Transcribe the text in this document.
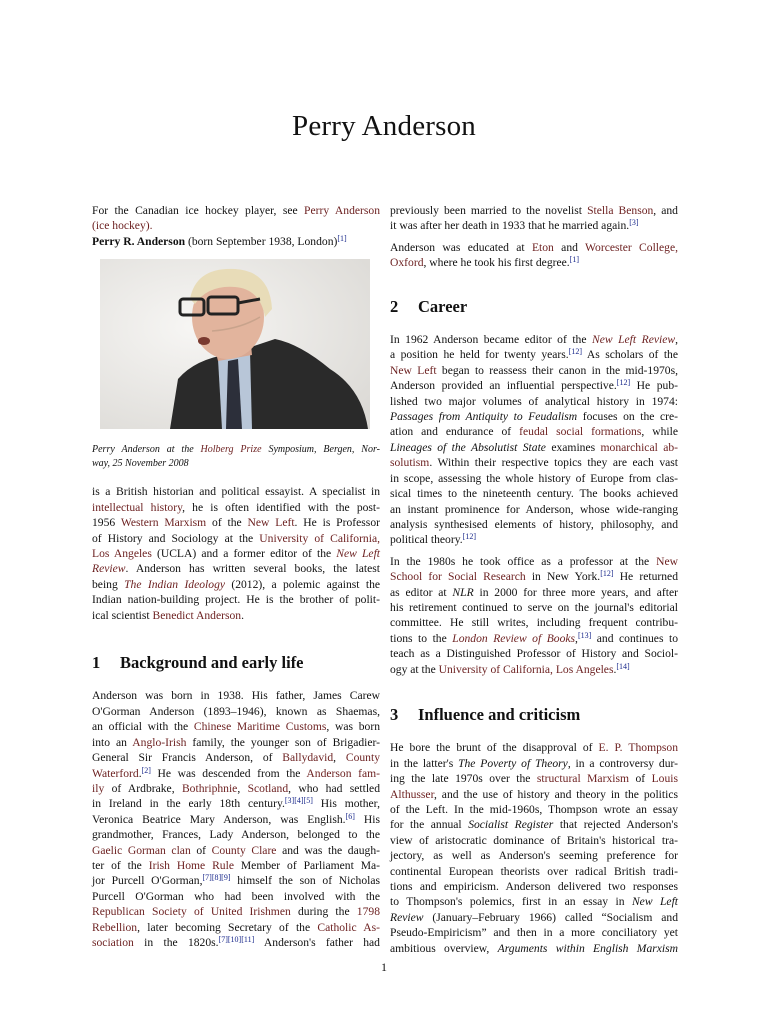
Perry Anderson

For the Canadian ice hockey player, see Perry Anderson
(ice hockey).

Perry R. Anderson (born September 1938, London)[1]

Perry Anderson at the Holberg Prize Symposium, Bergen, Nor-
way, 25 November 2008

is a British historian and political essayist. A specialist in
intellectual history, he is often identified with the post-
1956 Western Marxism of the New Left. He is Professor
of History and Sociology at the University of California,
Los Angeles (UCLA) and a former editor of the New Left
Review. Anderson has written several books, the latest
being The Indian Ideology (2012), a polemic against the
Indian nation-building project. He is the brother of polit-
ical scientist Benedict Anderson.

1	Background and early life

Anderson was born in 1938. His father, James Carew
O'Gorman Anderson (1893–1946), known as Shaemas,
an official with the Chinese Maritime Customs, was born
into an Anglo-Irish family, the younger son of Brigadier-
General Sir Francis Anderson, of Ballydavid, County
Waterford.[2] He was descended from the Anderson fam-
ily of Ardbrake, Bothriphnie, Scotland, who had settled
in Ireland in the early 18th century.[3][4][5] His mother,
Veronica Beatrice Mary Anderson, was English.[6] His
grandmother, Frances, Lady Anderson, belonged to the
Gaelic Gorman clan of County Clare and was the daugh-
ter of the Irish Home Rule Member of Parliament Ma-
jor Purcell O'Gorman,[7][8][9] himself the son of Nicholas
Purcell O'Gorman who had been involved with the
Republican Society of United Irishmen during the 1798
Rebellion, later becoming Secretary of the Catholic As-
sociation in the 1820s.[7][10][11] Anderson's father had

previously been married to the novelist Stella Benson, and
it was after her death in 1933 that he married again.[3]

Anderson was educated at Eton and Worcester College,
Oxford, where he took his first degree.[1]

2	Career

In 1962 Anderson became editor of the New Left Review,
a position he held for twenty years.[12] As scholars of the
New Left began to reassess their canon in the mid-1970s,
Anderson provided an influential perspective.[12] He pub-
lished two major volumes of analytical history in 1974:
Passages from Antiquity to Feudalism focuses on the cre-
ation and endurance of feudal social formations, while
Lineages of the Absolutist State examines monarchical ab-
solutism. Within their respective topics they are each vast
in scope, assessing the whole history of Europe from clas-
sical times to the nineteenth century. The books achieved
an instant prominence for Anderson, whose wide-ranging
analysis synthesised elements of history, philosophy, and
political theory.[12]

In the 1980s he took office as a professor at the New
School for Social Research in New York.[12] He returned
as editor at NLR in 2000 for three more years, and after
his retirement continued to serve on the journal's editorial
committee. He still writes, including frequent contribu-
tions to the London Review of Books,[13] and continues to
teach as a Distinguished Professor of History and Sociol-
ogy at the University of California, Los Angeles.[14]

3	Influence and criticism

He bore the brunt of the disapproval of E. P. Thompson
in the latter's The Poverty of Theory, in a controversy dur-
ing the late 1970s over the structural Marxism of Louis
Althusser, and the use of history and theory in the politics
of the Left. In the mid-1960s, Thompson wrote an essay
for the annual Socialist Register that rejected Anderson's
view of aristocratic dominance of Britain's historical tra-
jectory, as well as Anderson's seeming preference for
continental European theorists over radical British tradi-
tions and empiricism. Anderson delivered two responses
to Thompson's polemics, first in an essay in New Left
Review (January–February 1966) called “Socialism and
Pseudo-Empiricism” and then in a more conciliatory yet
ambitious overview, Arguments within English Marxism

1
